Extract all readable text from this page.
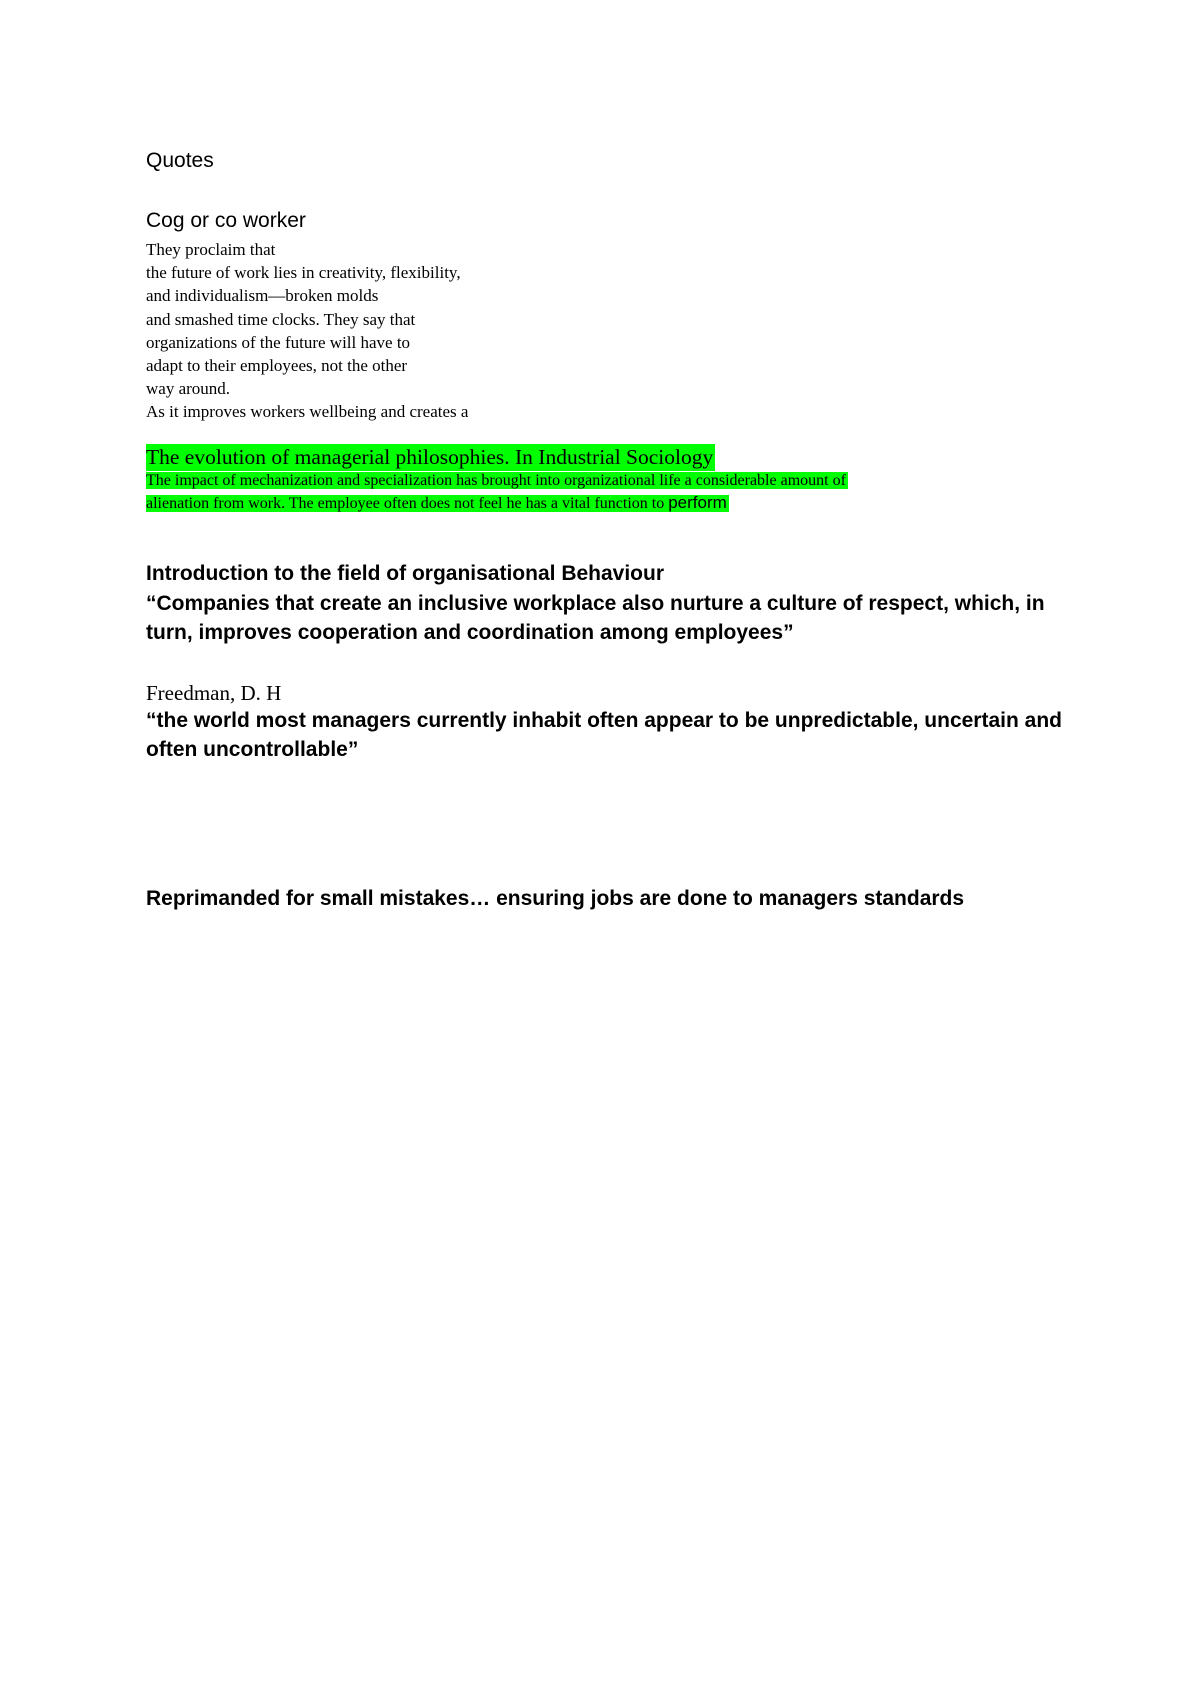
Quotes
Cog or co worker
They proclaim that
the future of work lies in creativity, flexibility,
and individualism—broken molds
and smashed time clocks. They say that
organizations of the future will have to
adapt to their employees, not the other
way around.
As it improves workers wellbeing and creates a
The evolution of managerial philosophies. In Industrial Sociology
The impact of mechanization and specialization has brought into organizational life a considerable amount of
alienation from work. The employee often does not feel he has a vital function to perform
Introduction to the field of organisational Behaviour
“Companies that create an inclusive workplace also nurture a culture of respect, which, in turn, improves cooperation and coordination among employees”
Freedman, D. H
“the world most managers currently inhabit often appear to be unpredictable, uncertain and often uncontrollable”
Reprimanded for small mistakes… ensuring jobs are done to managers standards
